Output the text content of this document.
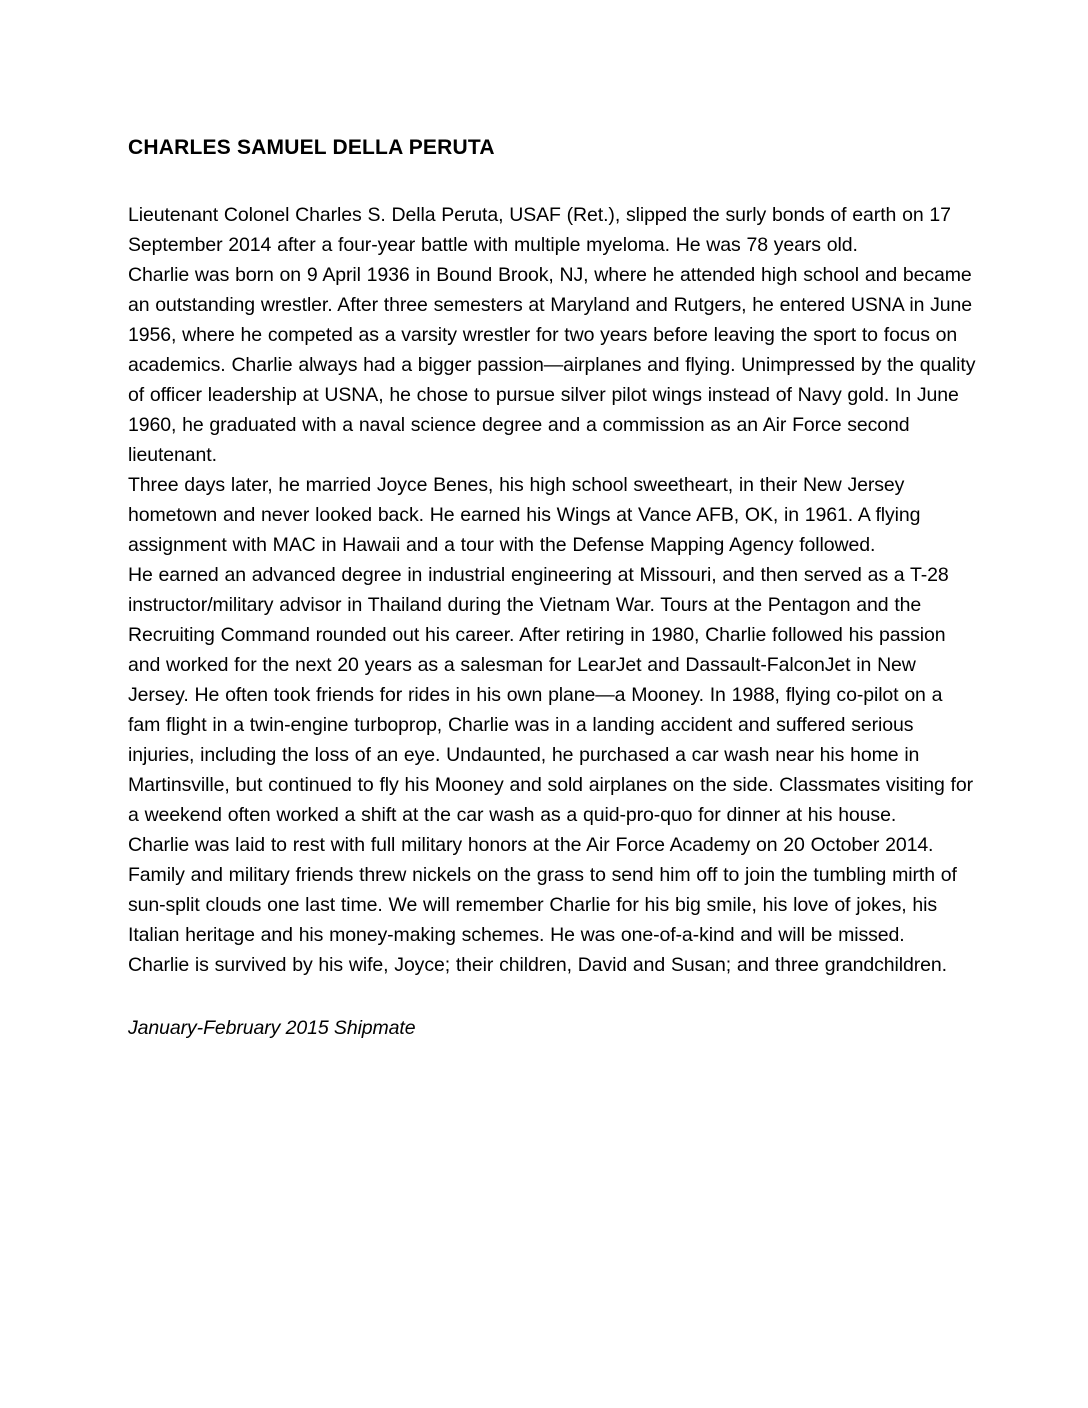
CHARLES SAMUEL DELLA PERUTA

Lieutenant Colonel Charles S. Della Peruta, USAF (Ret.), slipped the surly bonds of earth on 17 September 2014 after a four-year battle with multiple myeloma. He was 78 years old.

Charlie was born on 9 April 1936 in Bound Brook, NJ, where he attended high school and became an outstanding wrestler. After three semesters at Maryland and Rutgers, he entered USNA in June 1956, where he competed as a varsity wrestler for two years before leaving the sport to focus on academics. Charlie always had a bigger passion—airplanes and flying. Unimpressed by the quality of officer leadership at USNA, he chose to pursue silver pilot wings instead of Navy gold. In June 1960, he graduated with a naval science degree and a commission as an Air Force second lieutenant.

Three days later, he married Joyce Benes, his high school sweetheart, in their New Jersey hometown and never looked back. He earned his Wings at Vance AFB, OK, in 1961. A flying assignment with MAC in Hawaii and a tour with the Defense Mapping Agency followed.

He earned an advanced degree in industrial engineering at Missouri, and then served as a T-28 instructor/military advisor in Thailand during the Vietnam War. Tours at the Pentagon and the Recruiting Command rounded out his career. After retiring in 1980, Charlie followed his passion and worked for the next 20 years as a salesman for LearJet and Dassault-FalconJet in New Jersey. He often took friends for rides in his own plane—a Mooney. In 1988, flying co-pilot on a fam flight in a twin-engine turboprop, Charlie was in a landing accident and suffered serious injuries, including the loss of an eye. Undaunted, he purchased a car wash near his home in Martinsville, but continued to fly his Mooney and sold airplanes on the side. Classmates visiting for a weekend often worked a shift at the car wash as a quid-pro-quo for dinner at his house.

Charlie was laid to rest with full military honors at the Air Force Academy on 20 October 2014. Family and military friends threw nickels on the grass to send him off to join the tumbling mirth of sun-split clouds one last time. We will remember Charlie for his big smile, his love of jokes, his Italian heritage and his money-making schemes. He was one-of-a-kind and will be missed.

Charlie is survived by his wife, Joyce; their children, David and Susan; and three grandchildren.

January-February 2015 Shipmate
